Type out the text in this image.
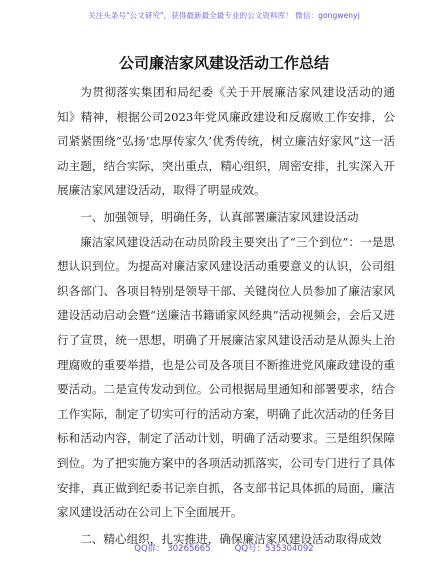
关注头条号"公文研究"，获得最新最全最专业的公文资料库！ 微信：gongwenyj
公司廉洁家风建设活动工作总结

为贯彻落实集团和局纪委《关于开展廉洁家风建设活动的通知》精神，根据公司2023年党风廉政建设和反腐败工作安排，公司紧紧围绕“弘扬‘忠厚传家久’优秀传统，树立廉洁好家风”这一活动主题，结合实际，突出重点，精心组织，周密安排，扎实深入开展廉洁家风建设活动，取得了明显成效。

一、加强领导，明确任务，认真部署廉洁家风建设活动

廉洁家风建设活动在动员阶段主要突出了“三个到位”：一是思想认识到位。为提高对廉洁家风建设活动重要意义的认识，公司组织各部门、各项目特别是领导干部、关键岗位人员参加了廉洁家风建设活动启动会暨“送廉洁书籍诵家风经典”活动视频会，会后又进行了宣贯，统一思想，明确了开展廉洁家风建设活动是从源头上治理腐败的重要举措，也是公司及各项目不断推进党风廉政建设的重要活动。二是宣传发动到位。公司根据局里通知和部署要求，结合工作实际，制定了切实可行的活动方案，明确了此次活动的任务目标和活动内容，制定了活动计划，明确了活动要求。三是组织保障到位。为了把实施方案中的各项活动抓落实，公司专门进行了具体安排，真正做到纪委书记亲自抓，各支部书记具体抓的局面，廉洁家风建设活动在公司上下全面展开。

二、精心组织，扎实推进，确保廉洁家风建设活动取得成效

QQ群： 30265665	QQ号：535304092
